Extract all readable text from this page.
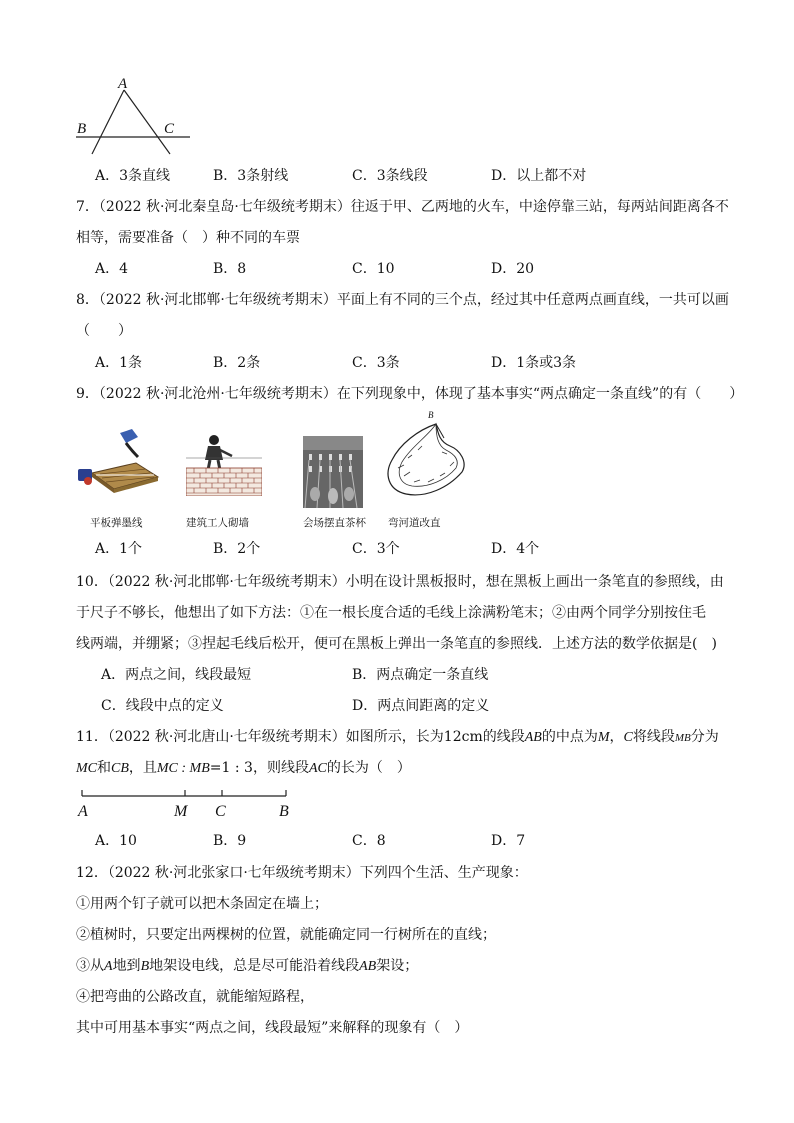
A
B	C
A．3条直线	B．3条射线	C．3条线段	D．以上都不对
7．（2022 秋·河北秦皇岛·七年级统考期末）往返于甲、乙两地的火车，中途停靠三站，每两站间距离各不
相等，需要准备（　）种不同的车票
A．4	B．8	C．10	D．20
8．（2022 秋·河北邯郸·七年级统考期末）平面上有不同的三个点，经过其中任意两点画直线，一共可以画
（　　）
A．1条	B．2条	C．3条	D．1条或3条
9．（2022 秋·河北沧州·七年级统考期末）在下列现象中，体现了基本事实“两点确定一条直线”的有（　　）
平板弹墨线	建筑工人砌墙	会场摆直茶杯
B
弯河道改直
A．1个	B．2个	C．3个	D．4个
10．（2022 秋·河北邯郸·七年级统考期末）小明在设计黑板报时，想在黑板上画出一条笔直的参照线，由
于尺子不够长，他想出了如下方法：①在一根长度合适的毛线上涂满粉笔末；②由两个同学分别按住毛
线两端，并绷紧；③捏起毛线后松开，便可在黑板上弹出一条笔直的参照线．上述方法的数学依据是(　)
A．两点之间，线段最短	B．两点确定一条直线
C．线段中点的定义	D．两点间距离的定义
11．（2022 秋·河北唐山·七年级统考期末）如图所示，长为12cm的线段AB的中点为M，C将线段MB分为
MC和CB，且MC : MB=1 : 3，则线段AC的长为（　）
A	M C	B
A．10	B．9	C．8	D．7
12．（2022 秋·河北张家口·七年级统考期末）下列四个生活、生产现象：
①用两个钉子就可以把木条固定在墙上；
②植树时，只要定出两棵树的位置，就能确定同一行树所在的直线；
③从A地到B地架设电线，总是尽可能沿着线段AB架设；
④把弯曲的公路改直，就能缩短路程，
其中可用基本事实“两点之间，线段最短”来解释的现象有（　）
